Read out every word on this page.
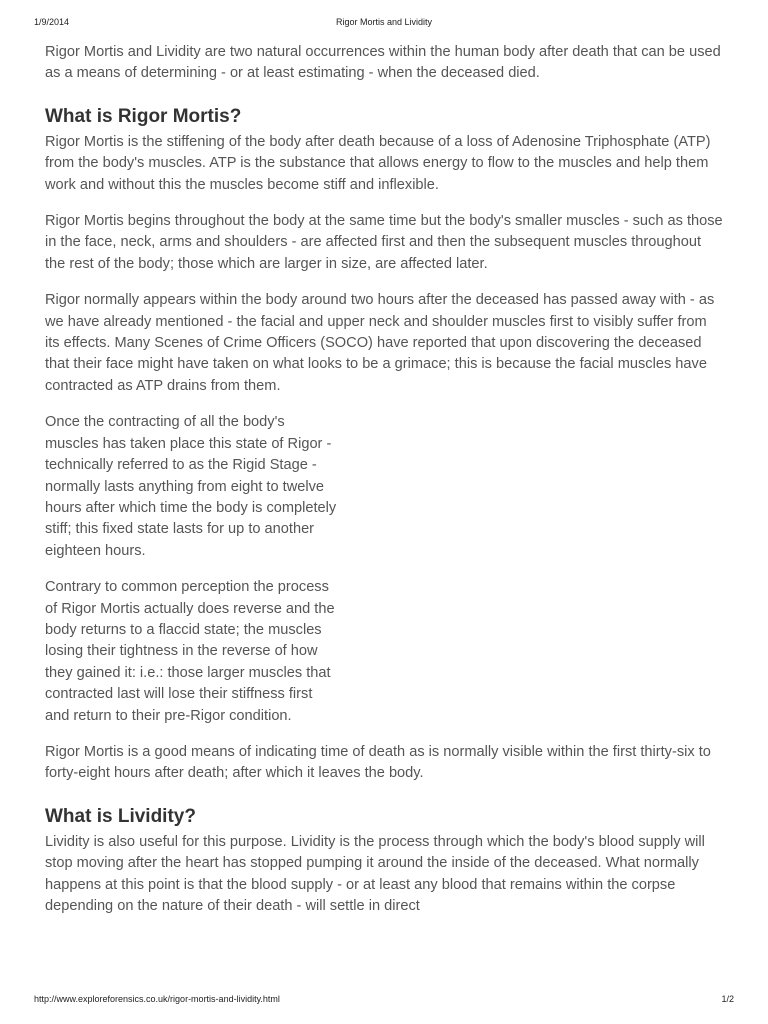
1/9/2014	Rigor Mortis and Lividity

Rigor Mortis and Lividity are two natural occurrences within the human body after death that can be used as a means of determining - or at least estimating - when the deceased died.

What is Rigor Mortis?

Rigor Mortis is the stiffening of the body after death because of a loss of Adenosine Triphosphate (ATP) from the body's muscles. ATP is the substance that allows energy to flow to the muscles and help them work and without this the muscles become stiff and inflexible.

Rigor Mortis begins throughout the body at the same time but the body's smaller muscles - such as those in the face, neck, arms and shoulders - are affected first and then the subsequent muscles throughout the rest of the body; those which are larger in size, are affected later.

Rigor normally appears within the body around two hours after the deceased has passed away with - as we have already mentioned - the facial and upper neck and shoulder muscles first to visibly suffer from its effects. Many Scenes of Crime Officers (SOCO) have reported that upon discovering the deceased that their face might have taken on what looks to be a grimace; this is because the facial muscles have contracted as ATP drains from them.

Once the contracting of all the body's muscles has taken place this state of Rigor - technically referred to as the Rigid Stage - normally lasts anything from eight to twelve hours after which time the body is completely stiff; this fixed state lasts for up to another eighteen hours.

Contrary to common perception the process of Rigor Mortis actually does reverse and the body returns to a flaccid state; the muscles losing their tightness in the reverse of how they gained it: i.e.: those larger muscles that contracted last will lose their stiffness first and return to their pre-Rigor condition.

Rigor Mortis is a good means of indicating time of death as is normally visible within the first thirty-six to forty-eight hours after death; after which it leaves the body.

What is Lividity?

Lividity is also useful for this purpose. Lividity is the process through which the body's blood supply will stop moving after the heart has stopped pumping it around the inside of the deceased. What normally happens at this point is that the blood supply - or at least any blood that remains within the corpse depending on the nature of their death - will settle in direct

http://www.exploreforensics.co.uk/rigor-mortis-and-lividity.html	1/2
